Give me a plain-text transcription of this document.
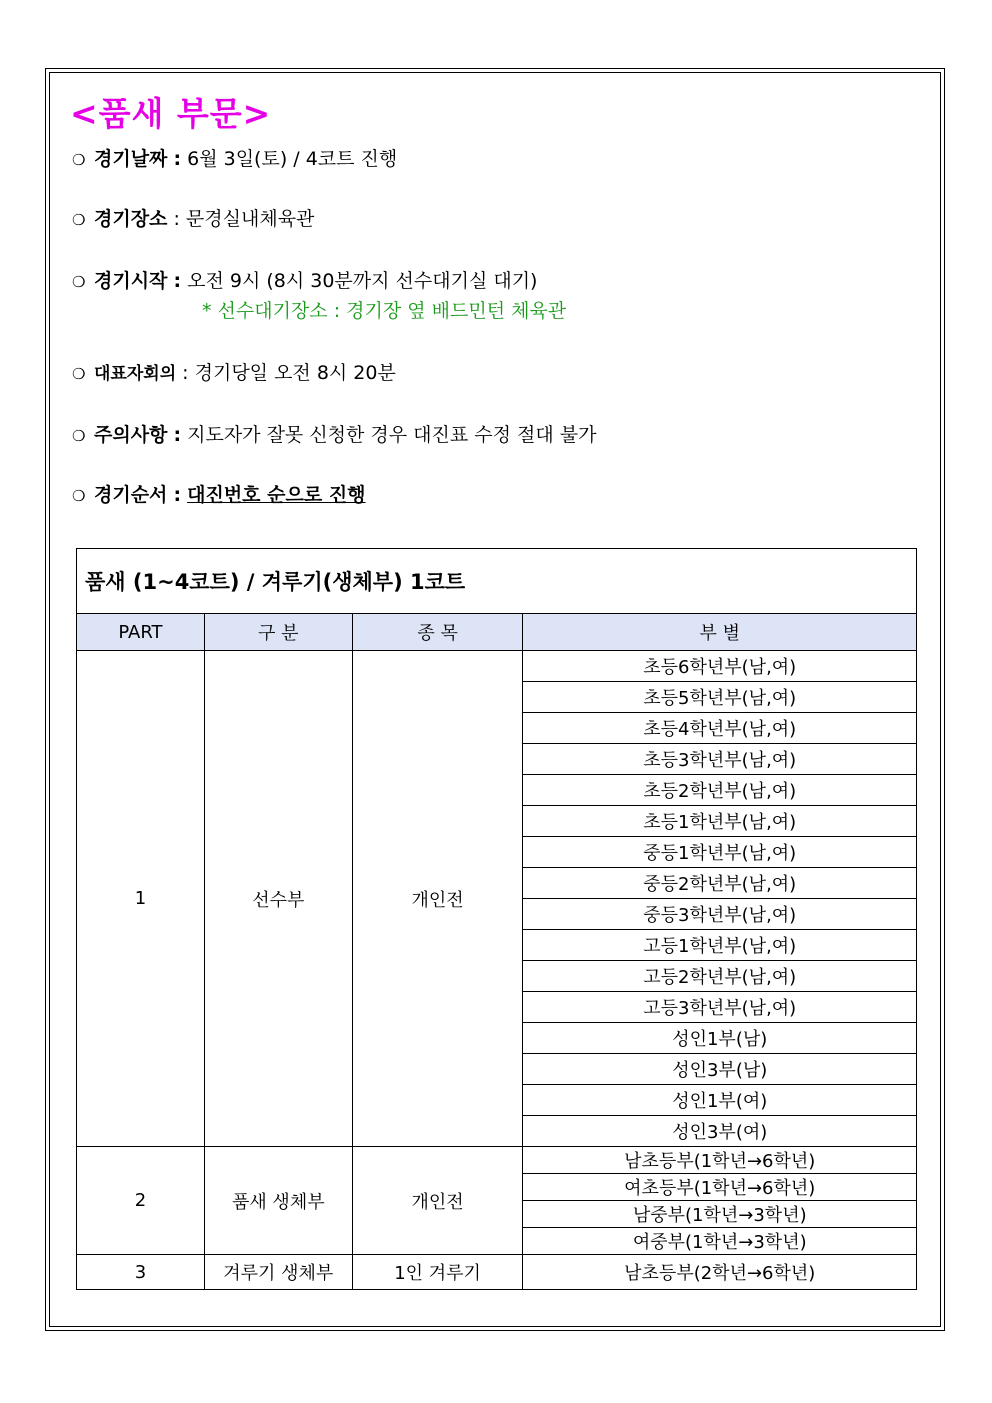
<품새 부문>
❍ 경기날짜 : 6월 3일(토) / 4코트 진행
❍ 경기장소 : 문경실내체육관
❍ 경기시작 : 오전 9시 (8시 30분까지 선수대기실 대기)
* 선수대기장소 : 경기장 옆 배드민턴 체육관
❍ 대표자회의 : 경기당일 오전 8시 20분
❍ 주의사항 : 지도자가 잘못 신청한 경우 대진표 수정 절대 불가
❍ 경기순서 : 대진번호 순으로 진행
품새 (1~4코트) / 겨루기(생체부) 1코트			
PART	구 분	종 목	부 별
1	선수부	개인전	초등6학년부(남,여)
			초등5학년부(남,여)
			초등4학년부(남,여)
			초등3학년부(남,여)
			초등2학년부(남,여)
			초등1학년부(남,여)
			중등1학년부(남,여)
			중등2학년부(남,여)
			중등3학년부(남,여)
			고등1학년부(남,여)
			고등2학년부(남,여)
			고등3학년부(남,여)
			성인1부(남)
			성인3부(남)
			성인1부(여)
			성인3부(여)
2	품새 생체부	개인전	남초등부(1학년→6학년)
			여초등부(1학년→6학년)
			남중부(1학년→3학년)
			여중부(1학년→3학년)
3	겨루기 생체부	1인 겨루기	남초등부(2학년→6학년)
